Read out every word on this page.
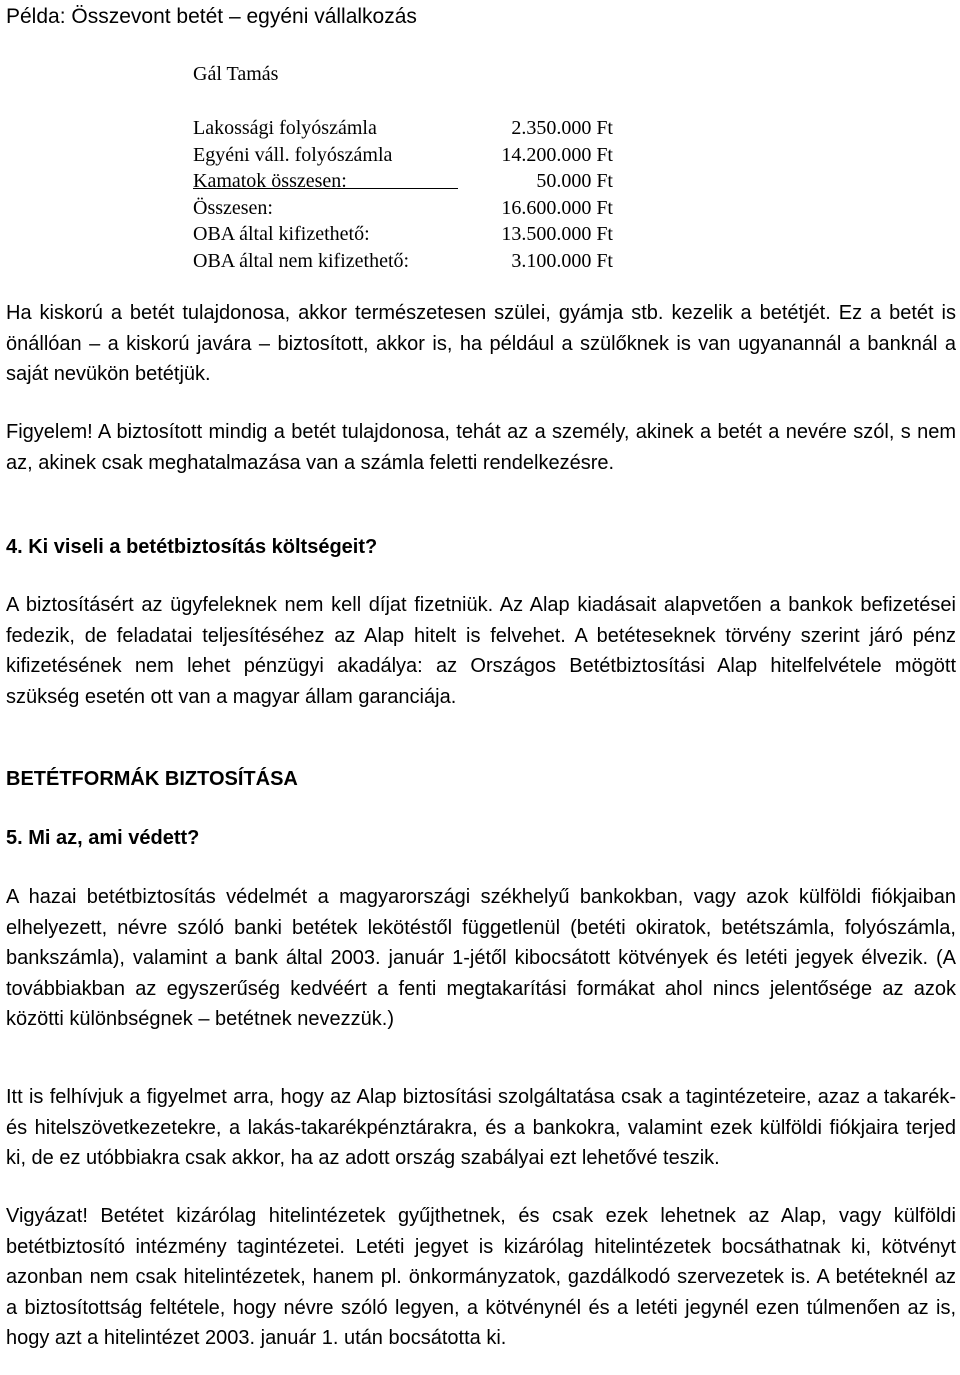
Példa: Összevont betét – egyéni vállalkozás
Gál Tamás
Lakossági folyószámla	2.350.000 Ft
Egyéni váll. folyószámla	14.200.000 Ft
Kamatok összesen:	50.000 Ft
Összesen:	16.600.000 Ft
OBA által kifizethető:	13.500.000 Ft
OBA által nem kifizethető:	3.100.000 Ft
Ha kiskorú a betét tulajdonosa, akkor természetesen szülei, gyámja stb. kezelik a betétjét. Ez a betét is önállóan – a kiskorú javára – biztosított, akkor is, ha például a szülőknek is van ugyanannál a banknál a saját nevükön betétjük.
Figyelem! A biztosított mindig a betét tulajdonosa, tehát az a személy, akinek a betét a nevére szól, s nem az, akinek csak meghatalmazása van a számla feletti rendelkezésre.
4. Ki viseli a betétbiztosítás költségeit?
A biztosításért az ügyfeleknek nem kell díjat fizetniük. Az Alap kiadásait alapvetően a bankok befizetései fedezik, de feladatai teljesítéséhez az Alap hitelt is felvehet. A betéteseknek törvény szerint járó pénz kifizetésének nem lehet pénzügyi akadálya: az Országos Betétbiztosítási Alap hitelfelvétele mögött szükség esetén ott van a magyar állam garanciája.
BETÉTFORMÁK BIZTOSÍTÁSA
5. Mi az, ami védett?
A hazai betétbiztosítás védelmét a magyarországi székhelyű bankokban, vagy azok külföldi fiókjaiban elhelyezett, névre szóló banki betétek lekötéstől függetlenül (betéti okiratok, betétszámla, folyószámla, bankszámla), valamint a bank által 2003. január 1-jétől kibocsátott kötvények és letéti jegyek élvezik. (A továbbiakban az egyszerűség kedvéért a fenti megtakarítási formákat ahol nincs jelentősége az azok közötti különbségnek – betétnek nevezzük.)
Itt is felhívjuk a figyelmet arra, hogy az Alap biztosítási szolgáltatása csak a tagintézeteire, azaz a takarék- és hitelszövetkezetekre, a lakás-takarékpénztárakra, és a bankokra, valamint ezek külföldi fiókjaira terjed ki, de ez utóbbiakra csak akkor, ha az adott ország szabályai ezt lehetővé teszik.
Vigyázat! Betétet kizárólag hitelintézetek gyűjthetnek, és csak ezek lehetnek az Alap, vagy külföldi betétbiztosító intézmény tagintézetei. Letéti jegyet is kizárólag hitelintézetek bocsáthatnak ki, kötvényt azonban nem csak hitelintézetek, hanem pl. önkormányzatok, gazdálkodó szervezetek is. A betéteknél az a biztosítottság feltétele, hogy névre szóló legyen, a kötvénynél és a letéti jegynél ezen túlmenően az is, hogy azt a hitelintézet 2003. január 1. után bocsátotta ki.
